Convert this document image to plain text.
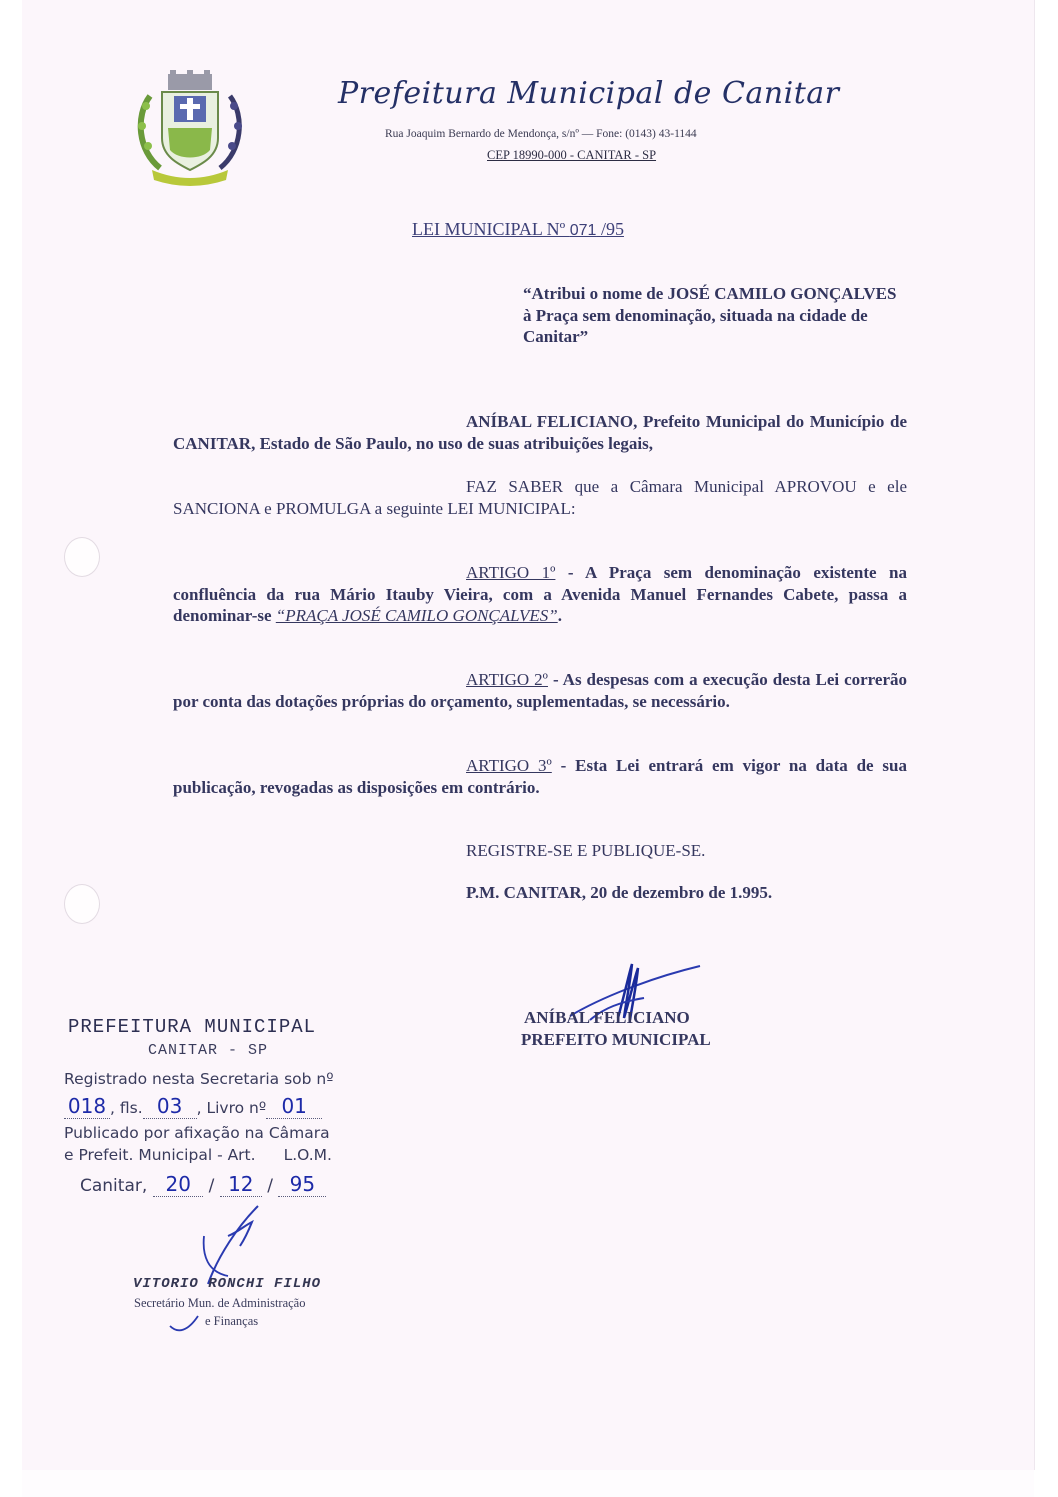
Prefeitura Municipal de Canitar
Rua Joaquim Bernardo de Mendonça, s/nº — Fone: (0143) 43-1144
CEP 18990-000 - CANITAR - SP
LEI MUNICIPAL Nº 071 /95
“Atribui o nome de JOSÉ CAMILO GONÇALVES à Praça sem denominação, situada na cidade de Canitar”
ANÍBAL FELICIANO, Prefeito Municipal do Município de CANITAR, Estado de São Paulo, no uso de suas atribuições legais,
FAZ SABER que a Câmara Municipal APROVOU e ele SANCIONA e PROMULGA a seguinte LEI MUNICIPAL:
ARTIGO 1º - A Praça sem denominação existente na confluência da rua Mário Itauby Vieira, com a Avenida Manuel Fernandes Cabete, passa a denominar-se “PRAÇA JOSÉ CAMILO GONÇALVES”.
ARTIGO 2º - As despesas com a execução desta Lei correrão por conta das dotações próprias do orçamento, suplementadas, se necessário.
ARTIGO 3º - Esta Lei entrará em vigor na data de sua publicação, revogadas as disposições em contrário.
REGISTRE-SE E PUBLIQUE-SE.
P.M. CANITAR, 20 de dezembro de 1.995.
ANÍBAL FELICIANO
PREFEITO MUNICIPAL
PREFEITURA MUNICIPAL
CANITAR - SP
Registrado nesta Secretaria sob nº
018 , fls. 03 , Livro nº 01
Publicado por afixação na Câmara
e Prefeit. Municipal - Art. L.O.M.
Canitar, 20 / 12 / 95
VITORIO RONCHI FILHO
Secretário Mun. de Administração
e Finanças
